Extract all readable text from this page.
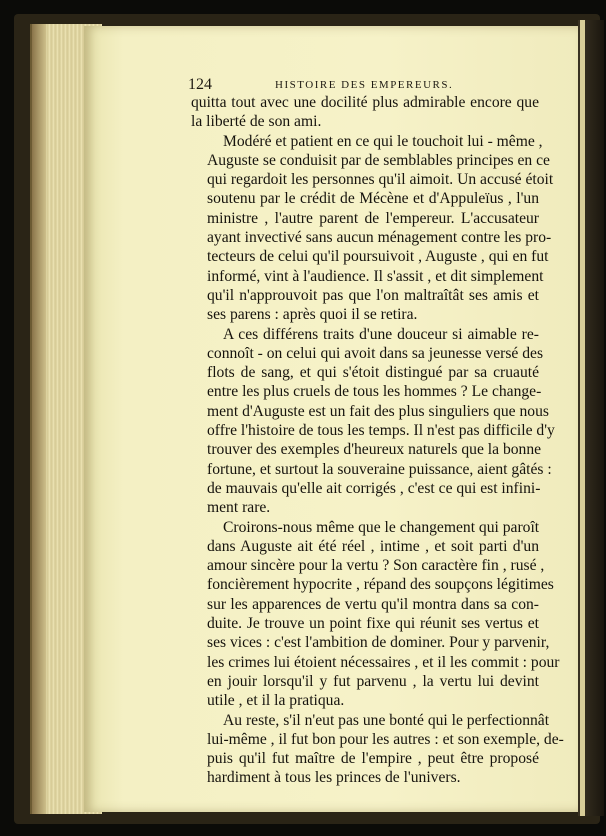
124	HISTOIRE DES EMPEREURS.

quitta tout avec une docilité plus admirable encore que
la liberté de son ami.

Modéré et patient en ce qui le touchoit lui - même ,
Auguste se conduisit par de semblables principes en ce
qui regardoit les personnes qu'il aimoit. Un accusé étoit
soutenu par le crédit de Mécène et d'Appuleïus , l'un
ministre , l'autre parent de l'empereur. L'accusateur
ayant invectivé sans aucun ménagement contre les pro-
tecteurs de celui qu'il poursuivoit , Auguste , qui en fut
informé, vint à l'audience. Il s'assit , et dit simplement
qu'il n'approuvoit pas que l'on maltraîtât ses amis et
ses parens : après quoi il se retira.

A ces différens traits d'une douceur si aimable re-
connoît - on celui qui avoit dans sa jeunesse versé des
flots de sang, et qui s'étoit distingué par sa cruauté
entre les plus cruels de tous les hommes ? Le change-
ment d'Auguste est un fait des plus singuliers que nous
offre l'histoire de tous les temps. Il n'est pas difficile d'y
trouver des exemples d'heureux naturels que la bonne
fortune, et surtout la souveraine puissance, aient gâtés :
de mauvais qu'elle ait corrigés , c'est ce qui est infini-
ment rare.

Croirons-nous même que le changement qui paroît
dans Auguste ait été réel , intime , et soit parti d'un
amour sincère pour la vertu ? Son caractère fin , rusé ,
foncièrement hypocrite , répand des soupçons légitimes
sur les apparences de vertu qu'il montra dans sa con-
duite. Je trouve un point fixe qui réunit ses vertus et
ses vices : c'est l'ambition de dominer. Pour y parvenir,
les crimes lui étoient nécessaires , et il les commit : pour
en jouir lorsqu'il y fut parvenu , la vertu lui devint
utile , et il la pratiqua.

Au reste, s'il n'eut pas une bonté qui le perfectionnât
lui-même , il fut bon pour les autres : et son exemple, de-
puis qu'il fut maître de l'empire , peut être proposé
hardiment à tous les princes de l'univers.
